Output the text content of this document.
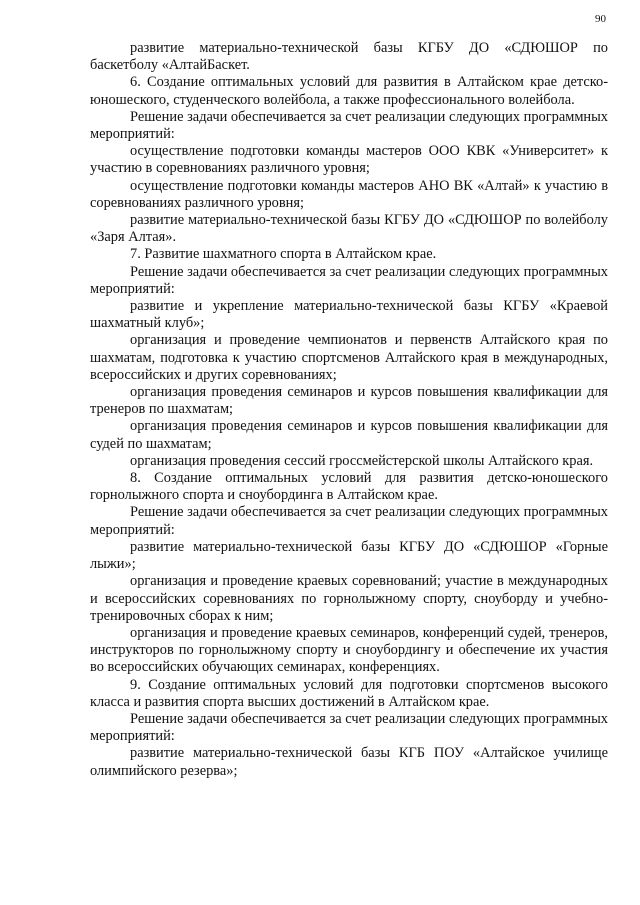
90

развитие материально-технической базы КГБУ ДО «СДЮШОР по баскетболу «АлтайБаскет.

6. Создание оптимальных условий для развития в Алтайском крае детско-юношеского, студенческого волейбола, а также профессионального волейбола.

Решение задачи обеспечивается за счет реализации следующих программных мероприятий:

осуществление подготовки команды мастеров ООО КВК «Университет» к участию в соревнованиях различного уровня;

осуществление подготовки команды мастеров АНО ВК «Алтай» к участию в соревнованиях различного уровня;

развитие материально-технической базы КГБУ ДО «СДЮШОР по волейболу «Заря Алтая».

7. Развитие шахматного спорта в Алтайском крае.

Решение задачи обеспечивается за счет реализации следующих программных мероприятий:

развитие и укрепление материально-технической базы КГБУ «Краевой шахматный клуб»;

организация и проведение чемпионатов и первенств Алтайского края по шахматам, подготовка к участию спортсменов Алтайского края в международных, всероссийских и других соревнованиях;

организация проведения семинаров и курсов повышения квалификации для тренеров по шахматам;

организация проведения семинаров и курсов повышения квалификации для судей по шахматам;

организация проведения сессий гроссмейстерской школы Алтайского края.

8. Создание оптимальных условий для развития детско-юношеского горнолыжного спорта и сноубординга в Алтайском крае.

Решение задачи обеспечивается за счет реализации следующих программных мероприятий:

развитие материально-технической базы КГБУ ДО «СДЮШОР «Горные лыжи»;

организация и проведение краевых соревнований; участие в международных и всероссийских соревнованиях по горнолыжному спорту, сноуборду и учебно-тренировочных сборах к ним;

организация и проведение краевых семинаров, конференций судей, тренеров, инструкторов по горнолыжному спорту и сноубордингу и обеспечение их участия во всероссийских обучающих семинарах, конференциях.

9. Создание оптимальных условий для подготовки спортсменов высокого класса и развития спорта высших достижений в Алтайском крае.

Решение задачи обеспечивается за счет реализации следующих программных мероприятий:

развитие материально-технической базы КГБ ПОУ «Алтайское училище олимпийского резерва»;
